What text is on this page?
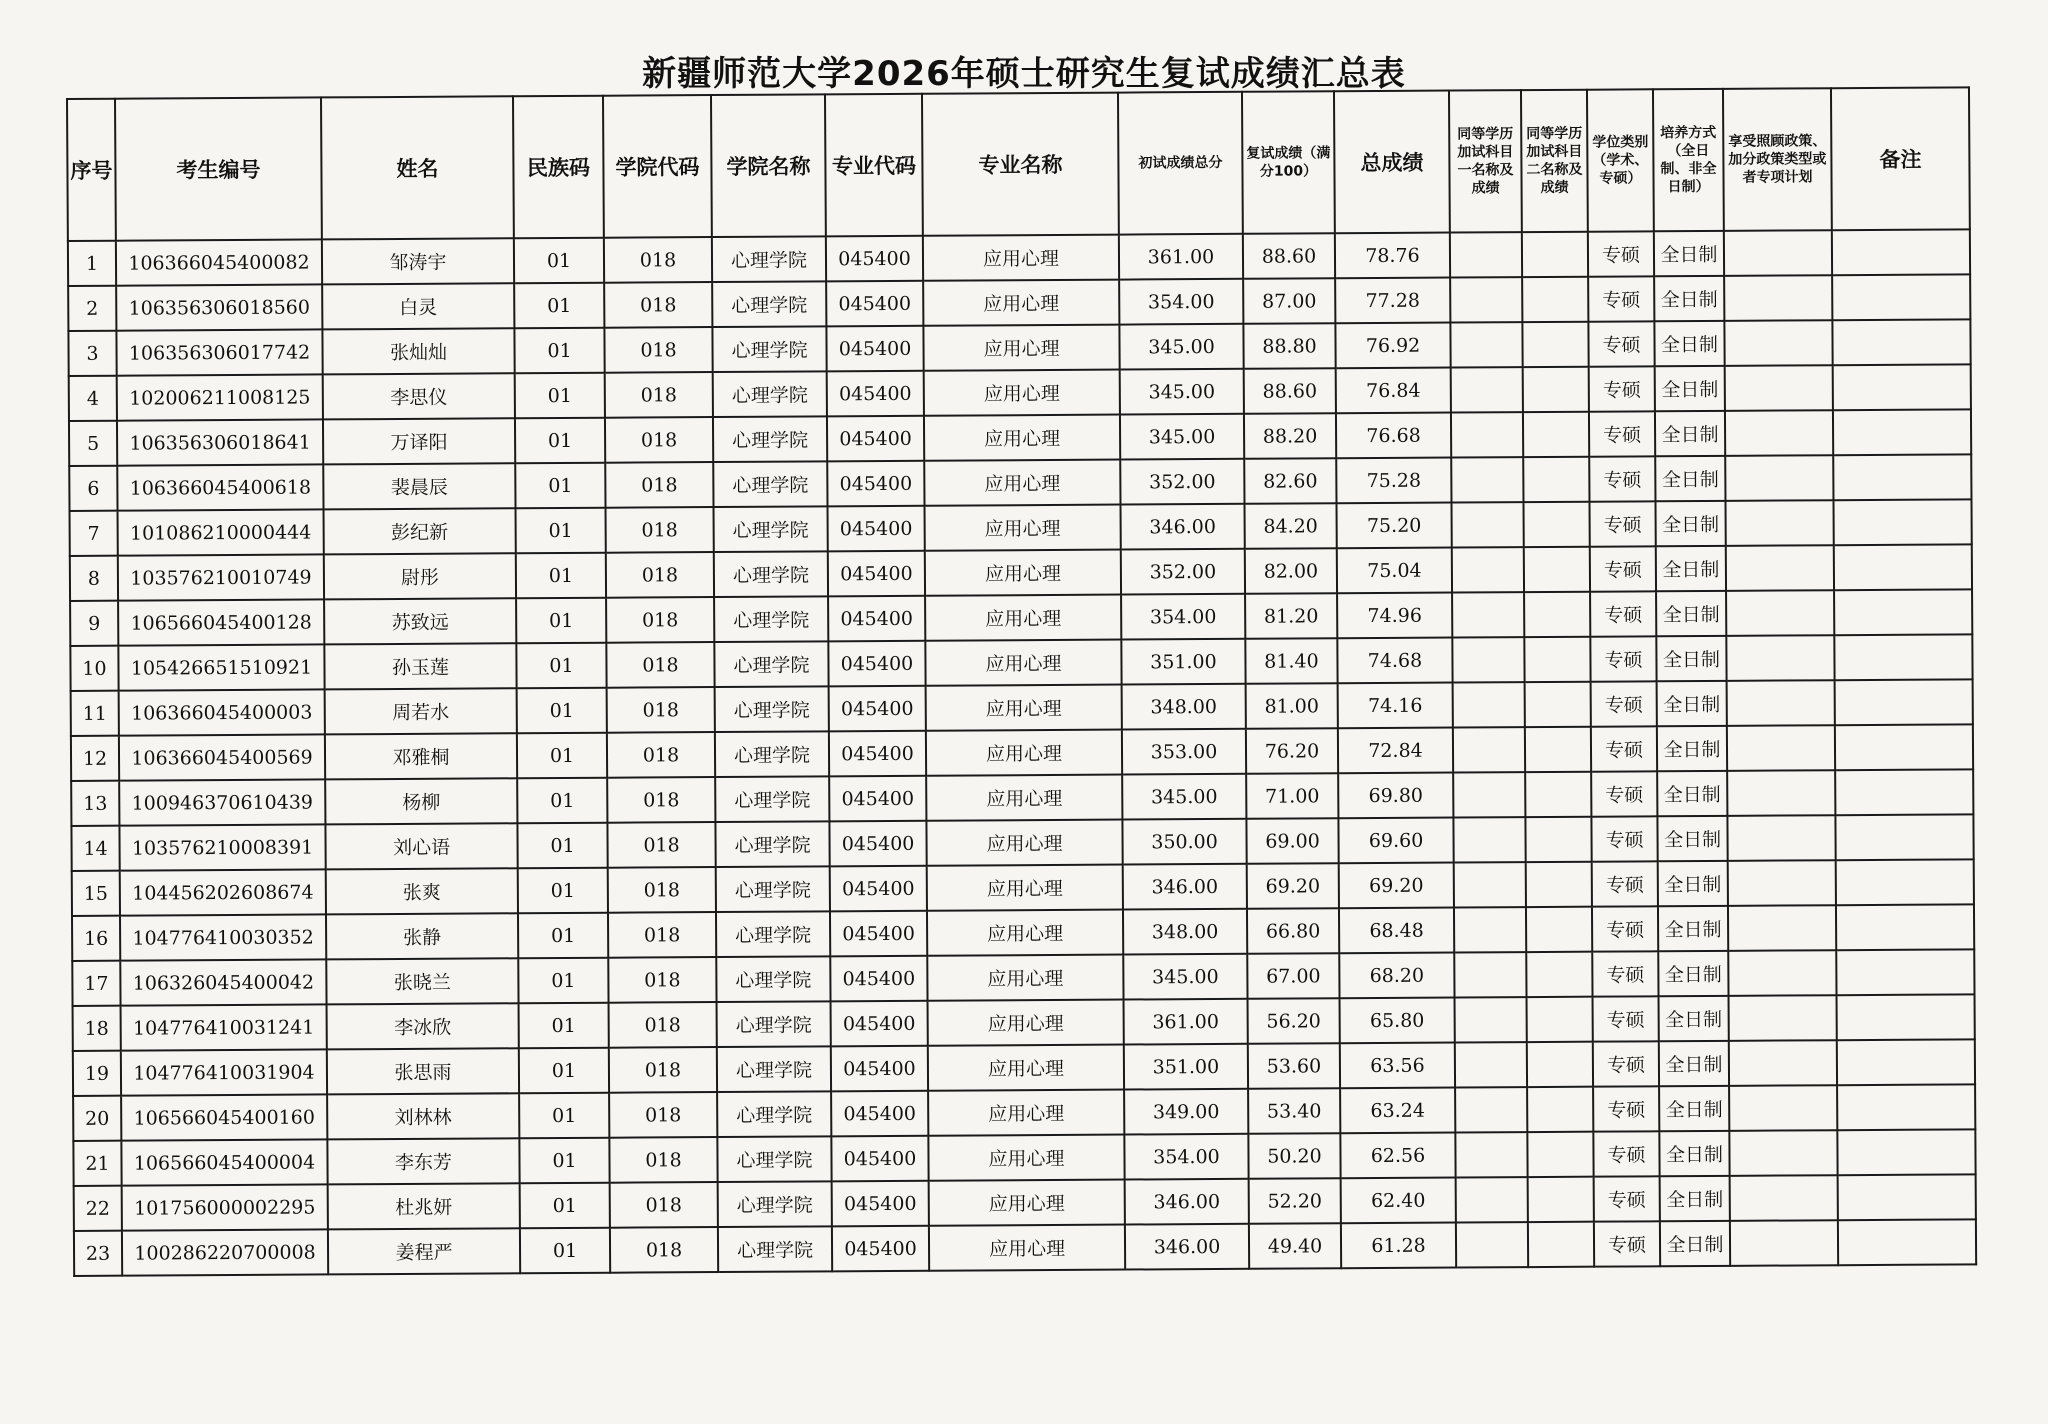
新疆师范大学2026年硕士研究生复试成绩汇总表
序号	考生编号	姓名	民族码	学院代码	学院名称	专业代码	专业名称	初试成绩总分	复试成绩（满分100）	总成绩	同等学历加试科目一名称及成绩	同等学历加试科目二名称及成绩	学位类别（学术、专硕）	培养方式（全日制、非全日制）	享受照顾政策、加分政策类型或者专项计划	备注
1	106366045400082	邹涛宇	01	018	心理学院	045400	应用心理	361.00	88.60	78.76			专硕	全日制		
2	106356306018560	白灵	01	018	心理学院	045400	应用心理	354.00	87.00	77.28			专硕	全日制		
3	106356306017742	张灿灿	01	018	心理学院	045400	应用心理	345.00	88.80	76.92			专硕	全日制		
4	102006211008125	李思仪	01	018	心理学院	045400	应用心理	345.00	88.60	76.84			专硕	全日制		
5	106356306018641	万译阳	01	018	心理学院	045400	应用心理	345.00	88.20	76.68			专硕	全日制		
6	106366045400618	裴晨辰	01	018	心理学院	045400	应用心理	352.00	82.60	75.28			专硕	全日制		
7	101086210000444	彭纪新	01	018	心理学院	045400	应用心理	346.00	84.20	75.20			专硕	全日制		
8	103576210010749	尉彤	01	018	心理学院	045400	应用心理	352.00	82.00	75.04			专硕	全日制		
9	106566045400128	苏致远	01	018	心理学院	045400	应用心理	354.00	81.20	74.96			专硕	全日制		
10	105426651510921	孙玉莲	01	018	心理学院	045400	应用心理	351.00	81.40	74.68			专硕	全日制		
11	106366045400003	周若水	01	018	心理学院	045400	应用心理	348.00	81.00	74.16			专硕	全日制		
12	106366045400569	邓雅桐	01	018	心理学院	045400	应用心理	353.00	76.20	72.84			专硕	全日制		
13	100946370610439	杨柳	01	018	心理学院	045400	应用心理	345.00	71.00	69.80			专硕	全日制		
14	103576210008391	刘心语	01	018	心理学院	045400	应用心理	350.00	69.00	69.60			专硕	全日制		
15	104456202608674	张爽	01	018	心理学院	045400	应用心理	346.00	69.20	69.20			专硕	全日制		
16	104776410030352	张静	01	018	心理学院	045400	应用心理	348.00	66.80	68.48			专硕	全日制		
17	106326045400042	张晓兰	01	018	心理学院	045400	应用心理	345.00	67.00	68.20			专硕	全日制		
18	104776410031241	李冰欣	01	018	心理学院	045400	应用心理	361.00	56.20	65.80			专硕	全日制		
19	104776410031904	张思雨	01	018	心理学院	045400	应用心理	351.00	53.60	63.56			专硕	全日制		
20	106566045400160	刘林林	01	018	心理学院	045400	应用心理	349.00	53.40	63.24			专硕	全日制		
21	106566045400004	李东芳	01	018	心理学院	045400	应用心理	354.00	50.20	62.56			专硕	全日制		
22	101756000002295	杜兆妍	01	018	心理学院	045400	应用心理	346.00	52.20	62.40			专硕	全日制		
23	100286220700008	姜程严	01	018	心理学院	045400	应用心理	346.00	49.40	61.28			专硕	全日制		
